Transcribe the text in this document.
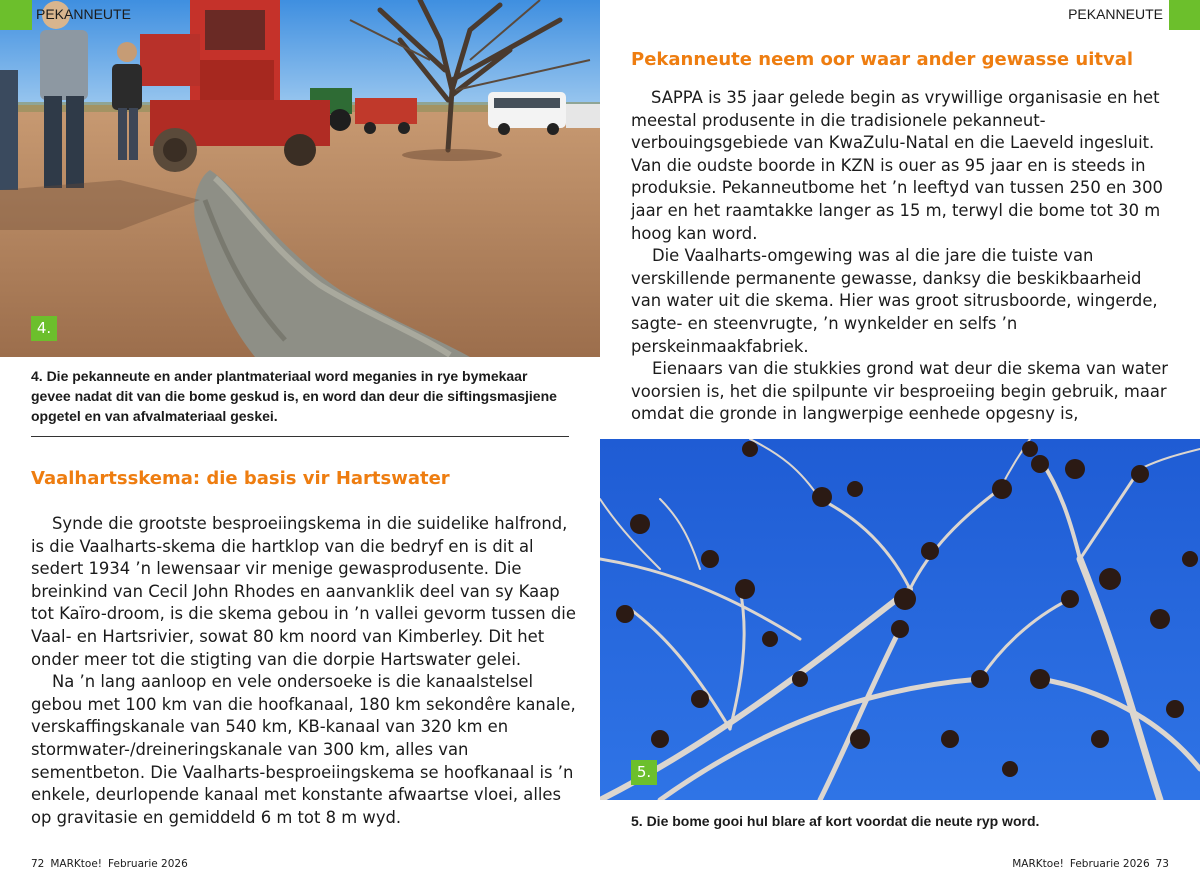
4.
PEKANNEUTE
4. Die pekanneute en ander plantmateriaal word meganies in rye bymekaar gevee nadat dit van die bome geskud is, en word dan deur die siftingsmasjiene opgetel en van afvalmateriaal geskei.
Vaalhartsskema: die basis vir Hartswater

Synde die grootste besproeiingskema in die suidelike halfrond, is die Vaalharts-skema die hartklop van die bedryf en is dit al sedert 1934 ’n lewensaar vir menige gewasprodusente. Die breinkind van Cecil John Rhodes en aanvanklik deel van sy Kaap tot Kaïro-droom, is die skema gebou in ’n vallei gevorm tussen die Vaal- en Hartsrivier, sowat 80 km noord van Kimberley. Dit het onder meer tot die stigting van die dorpie Hartswater gelei.

Na ’n lang aanloop en vele ondersoeke is die kanaalstelsel gebou met 100 km van die hoofkanaal, 180 km sekondêre kanale, verskaffingskanale van 540 km, KB-kanaal van 320 km en stormwater-/dreineringskanale van 300 km, alles van sementbeton. Die Vaalharts-besproeiingskema se hoofkanaal is ’n enkele, deurlopende kanaal met konstante afwaartse vloei, alles op gravitasie en gemiddeld 6 m tot 8 m wyd.

72 MARKtoe! Februarie 2026
PEKANNEUTE
Pekanneute neem oor waar ander gewasse uitval

SAPPA is 35 jaar gelede begin as vrywillige organisasie en het meestal produsente in die tradisionele pekanneut-verbouingsgebiede van KwaZulu-Natal en die Laeveld ingesluit. Van die oudste boorde in KZN is ouer as 95 jaar en is steeds in produksie. Pekanneutbome het ’n leeftyd van tussen 250 en 300 jaar en het raamtakke langer as 15 m, terwyl die bome tot 30 m hoog kan word.

Die Vaalharts-omgewing was al die jare die tuiste van verskillende permanente gewasse, danksy die beskikbaarheid van water uit die skema. Hier was groot sitrusboorde, wingerde, sagte- en steenvrugte, ’n wynkelder en selfs ’n perskeinmaakfabriek.

Eienaars van die stukkies grond wat deur die skema van water voorsien is, het die spilpunte vir besproeiing begin gebruik, maar omdat die gronde in langwerpige eenhede opgesny is,

5.
5. Die bome gooi hul blare af kort voordat die neute ryp word.
MARKtoe! Februarie 2026 73
